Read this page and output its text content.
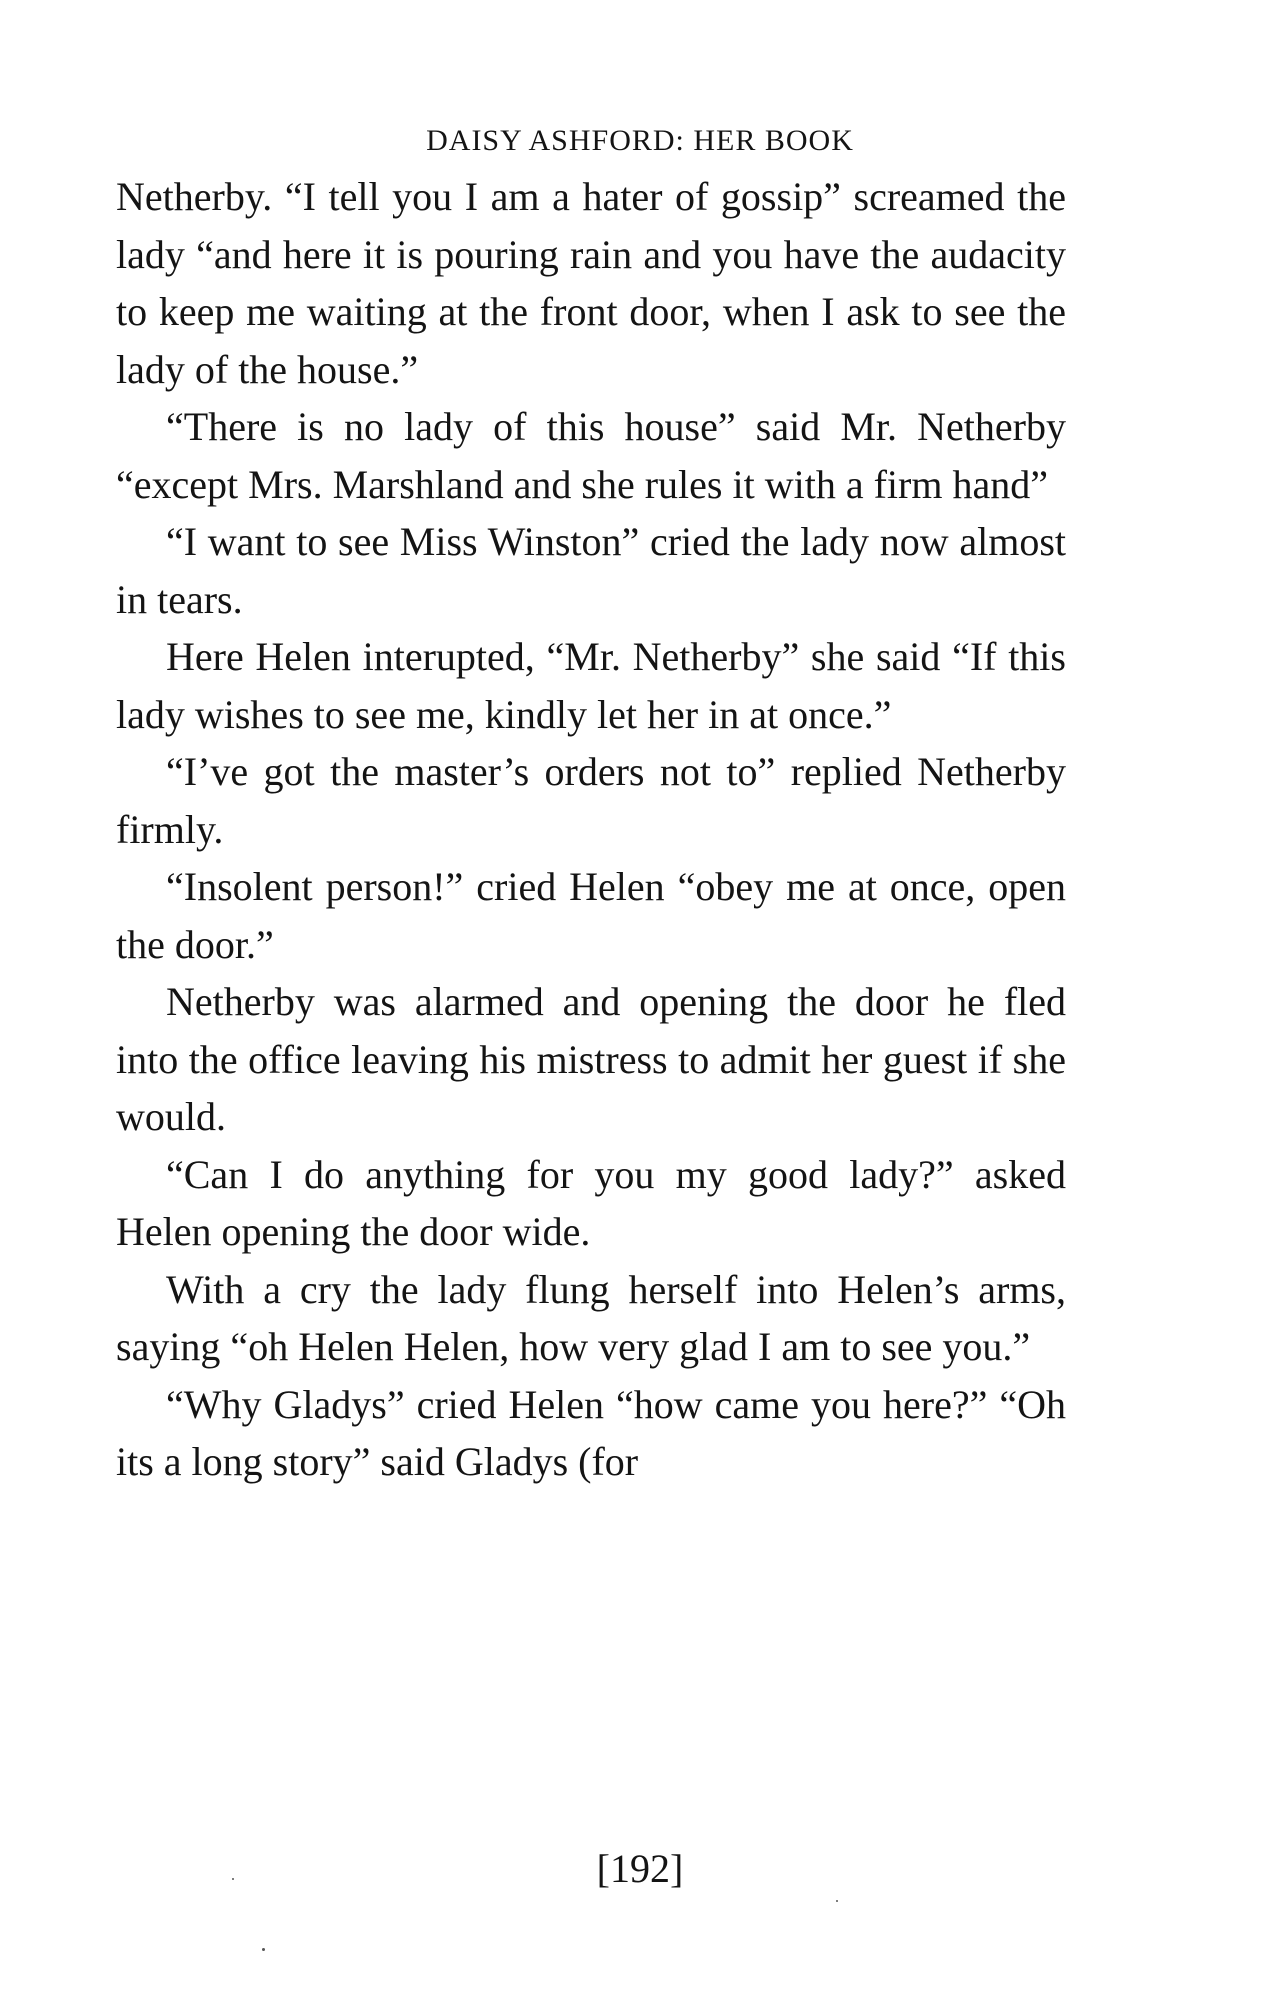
DAISY ASHFORD: HER BOOK

Netherby. “I tell you I am a hater of gossip” screamed the lady “and here it is pouring rain and you have the audacity to keep me waiting at the front door, when I ask to see the lady of the house.”

“There is no lady of this house” said Mr. Netherby “except Mrs. Marshland and she rules it with a firm hand”

“I want to see Miss Winston” cried the lady now almost in tears.

Here Helen interupted, “Mr. Netherby” she said “If this lady wishes to see me, kindly let her in at once.”

“I’ve got the master’s orders not to” replied Netherby firmly.

“Insolent person!” cried Helen “obey me at once, open the door.”

Netherby was alarmed and opening the door he fled into the office leaving his mistress to admit her guest if she would.

“Can I do anything for you my good lady?” asked Helen opening the door wide.

With a cry the lady flung herself into Helen’s arms, saying “oh Helen Helen, how very glad I am to see you.”

“Why Gladys” cried Helen “how came you here?” “Oh its a long story” said Gladys (for

[192]
